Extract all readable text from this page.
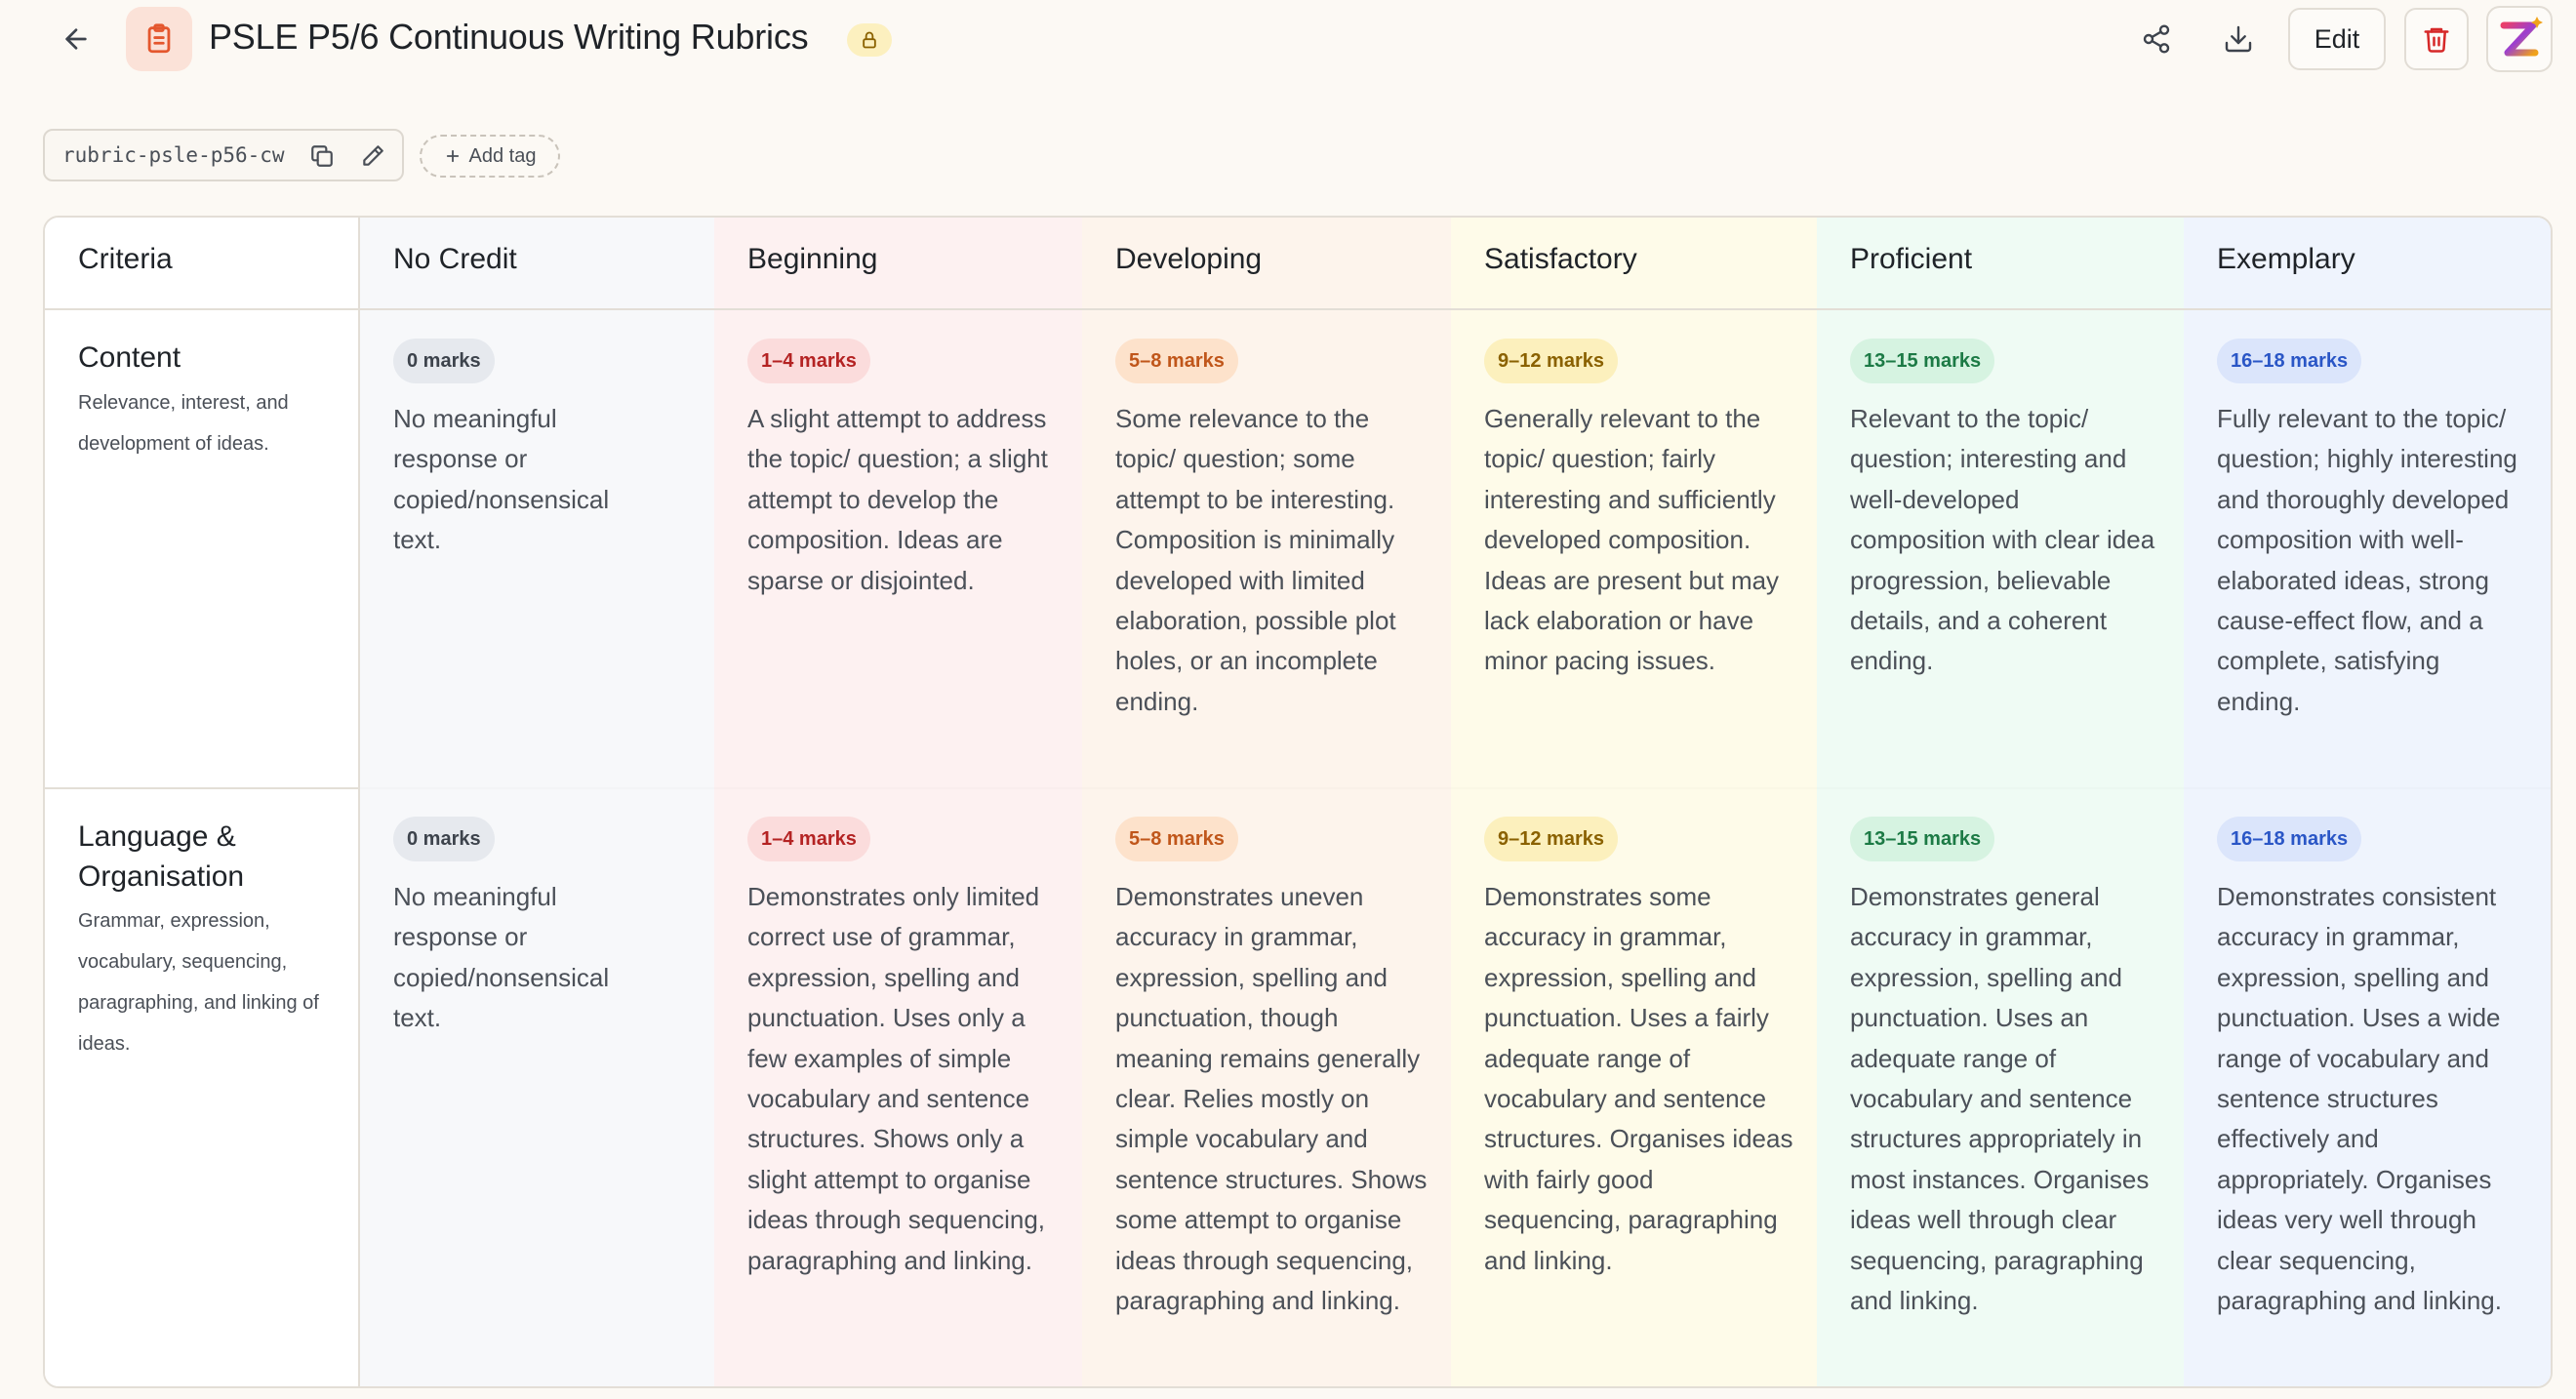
PSLE P5/6 Continuous Writing Rubrics	Edit
rubric-psle-p56-cw	Add tag
Criteria
Content
Relevance, interest, and development of ideas.
Language & Organisation
Grammar, expression, vocabulary, sequencing, paragraphing, and linking of ideas.
No Credit
0 marks
No meaningful response or copied/nonsensical text.
0 marks
No meaningful response or copied/nonsensical text.
Beginning
1–4 marks
A slight attempt to address the topic/ question; a slight attempt to develop the composition. Ideas are sparse or disjointed.
1–4 marks
Demonstrates only limited correct use of grammar, expression, spelling and punctuation. Uses only a few examples of simple vocabulary and sentence structures. Shows only a slight attempt to organise ideas through sequencing, paragraphing and linking.
Developing
5–8 marks
Some relevance to the topic/ question; some attempt to be interesting. Composition is minimally developed with limited elaboration, possible plot holes, or an incomplete ending.
5–8 marks
Demonstrates uneven accuracy in grammar, expression, spelling and punctuation, though meaning remains generally clear. Relies mostly on simple vocabulary and sentence structures. Shows some attempt to organise ideas through sequencing, paragraphing and linking.
Satisfactory
9–12 marks
Generally relevant to the topic/ question; fairly interesting and sufficiently developed composition. Ideas are present but may lack elaboration or have minor pacing issues.
9–12 marks
Demonstrates some accuracy in grammar, expression, spelling and punctuation. Uses a fairly adequate range of vocabulary and sentence structures. Organises ideas with fairly good sequencing, paragraphing and linking.
Proficient
13–15 marks
Relevant to the topic/ question; interesting and well-developed composition with clear idea progression, believable details, and a coherent ending.
13–15 marks
Demonstrates general accuracy in grammar, expression, spelling and punctuation. Uses an adequate range of vocabulary and sentence structures appropriately in most instances. Organises ideas well through clear sequencing, paragraphing and linking.
Exemplary
16–18 marks
Fully relevant to the topic/ question; highly interesting and thoroughly developed composition with well-elaborated ideas, strong cause-effect flow, and a complete, satisfying ending.
16–18 marks
Demonstrates consistent accuracy in grammar, expression, spelling and punctuation. Uses a wide range of vocabulary and sentence structures effectively and appropriately. Organises ideas very well through clear sequencing, paragraphing and linking.
